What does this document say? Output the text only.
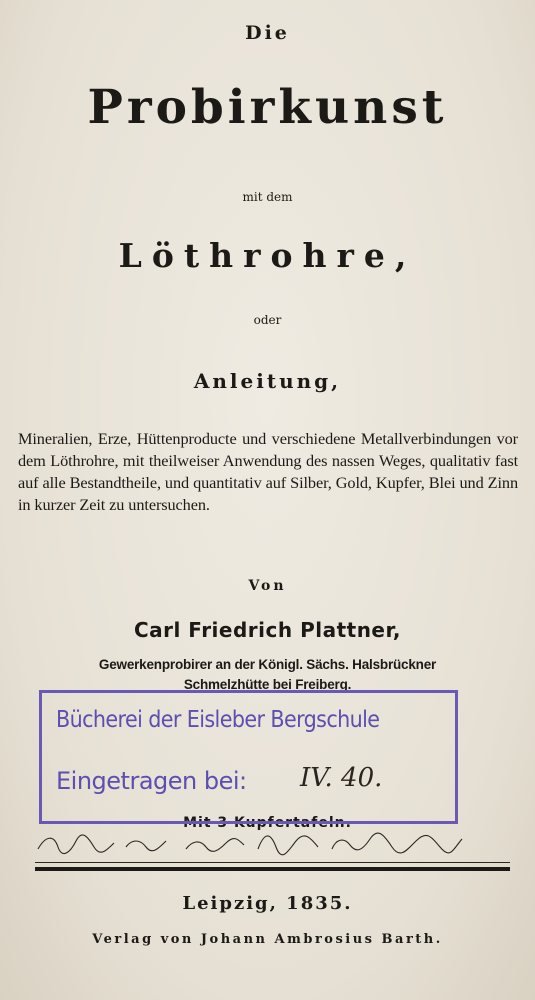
Die
Probirkunst
mit dem
Löthrohre,
oder
Anleitung,
Mineralien, Erze, Hüttenproducte und verschiedene Metallverbindungen vor dem Löthrohre, mit theilweiser Anwendung des nassen Weges, qualitativ fast auf alle Bestandtheile, und quantitativ auf Silber, Gold, Kupfer, Blei und Zinn in kurzer Zeit zu untersuchen.
Von
Carl Friedrich Plattner,
Gewerkenprobirer an der Königl. Sächs. Halsbrückner
Schmelzhütte bei Freiberg.
Mit 3 Kupfertafeln.
Bücherei der Eisleber Bergschule
Eingetragen bei: IV. 40.
Leipzig, 1835.
Verlag von Johann Ambrosius Barth.
